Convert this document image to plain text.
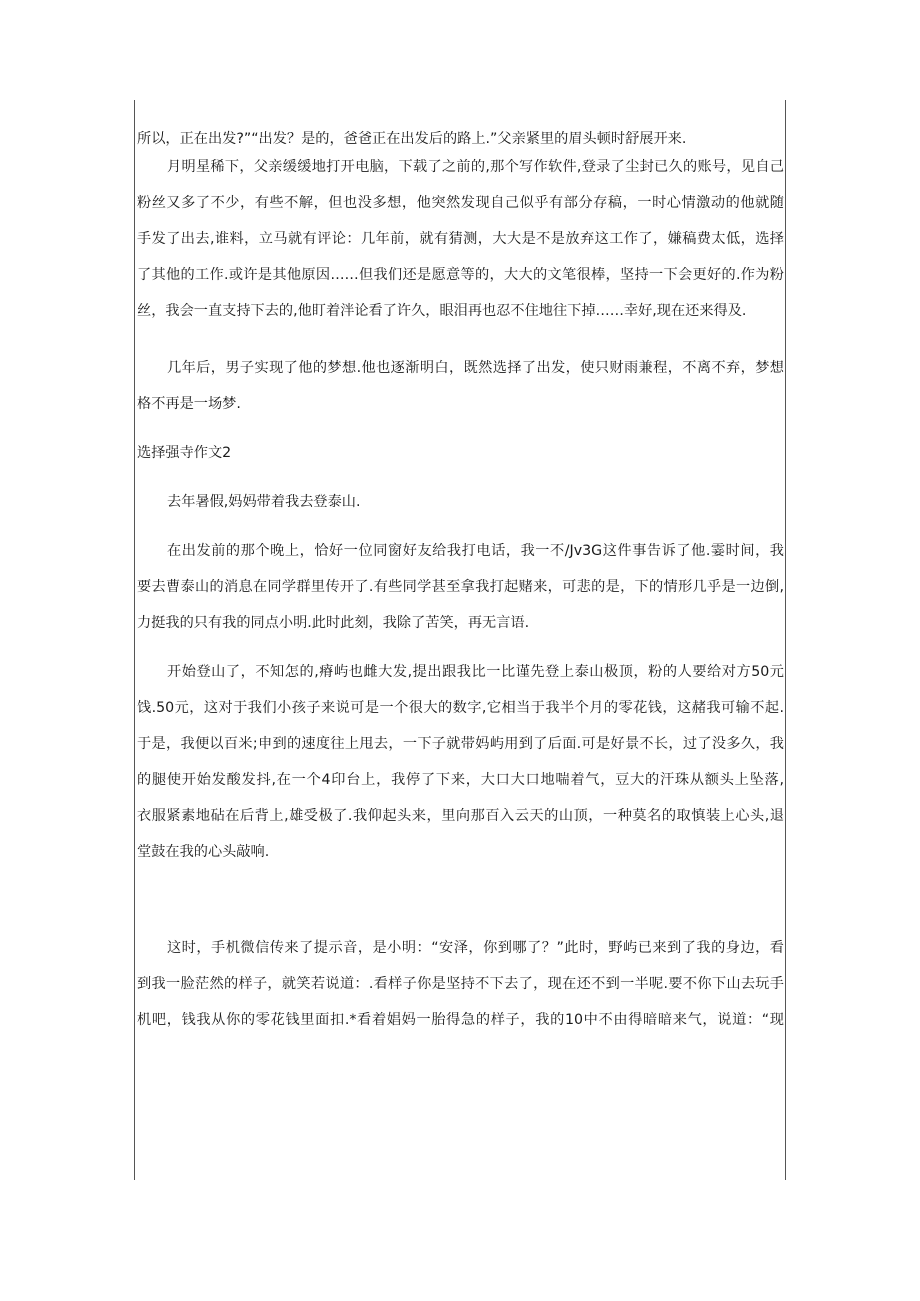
所以，正在出发?”“出发？是的，爸爸正在出发后的路上.”父亲紧里的眉头顿时舒展开来.
月明星稀下，父亲缓缓地打开电脑，下载了之前的,那个写作软件,登录了尘封已久的账号，见自己
粉丝又多了不少，有些不解，但也没多想，他突然发现自己似乎有部分存稿，一时心情激动的他就随
手发了出去,谁料，立马就有评论：几年前，就有猜测，大大是不是放弃这工作了，嫌稿费太低，选择
了其他的工作.或许是其他原因……但我们还是愿意等的，大大的文笔很棒，坚持一下会更好的.作为粉
丝，我会一直支持下去的,他盯着泮论看了许久，眼泪再也忍不住地往下掉……幸好,现在还来得及.
几年后，男子实现了他的梦想.他也逐渐明白，既然选择了出发，使只财雨兼程，不离不弃，梦想
格不再是一场梦.
选择强寺作文2
去年暑假,妈妈带着我去登泰山.
在出发前的那个晚上，恰好一位同窗好友给我打电话，我一不/Jv3G这件事告诉了他.霎时间，我
要去曹泰山的消息在同学群里传开了.有些同学甚至拿我打起赌来，可悲的是，下的情形几乎是一边倒,
力挺我的只有我的同点小明.此时此刻，我除了苦笑，再无言语.
开始登山了，不知怎的,瘠屿也雌大发,提出跟我比一比谨先登上泰山极顶，粉的人要给对方50元
饯.50元，这对于我们小孩子来说可是一个很大的数字,它相当于我半个月的零花钱，这赭我可输不起.
于是，我便以百米;申到的速度往上甩去，一下子就带妈屿用到了后面.可是好景不长，过了没多久，我
的腿使开始发酸发抖,在一个4印台上，我停了下来，大口大口地喘着气，豆大的汗珠从额头上坠落,
衣服紧素地砧在后背上,雄受极了.我仰起头来，里向那百入云天的山顶，一种莫名的取慎装上心头,退
堂鼓在我的心头敲响.
这时，手机微信传来了提示音，是小明：“安泽，你到哪了？”此时，野屿已来到了我的身边，看
到我一脸茫然的样子，就笑若说道：.看样子你是坚持不下去了，现在还不到一半呢.要不你下山去玩手
机吧，钱我从你的零花钱里面扣.*看着娼妈一胎得急的样子，我的10中不由得暗暗来气，说道：“现
